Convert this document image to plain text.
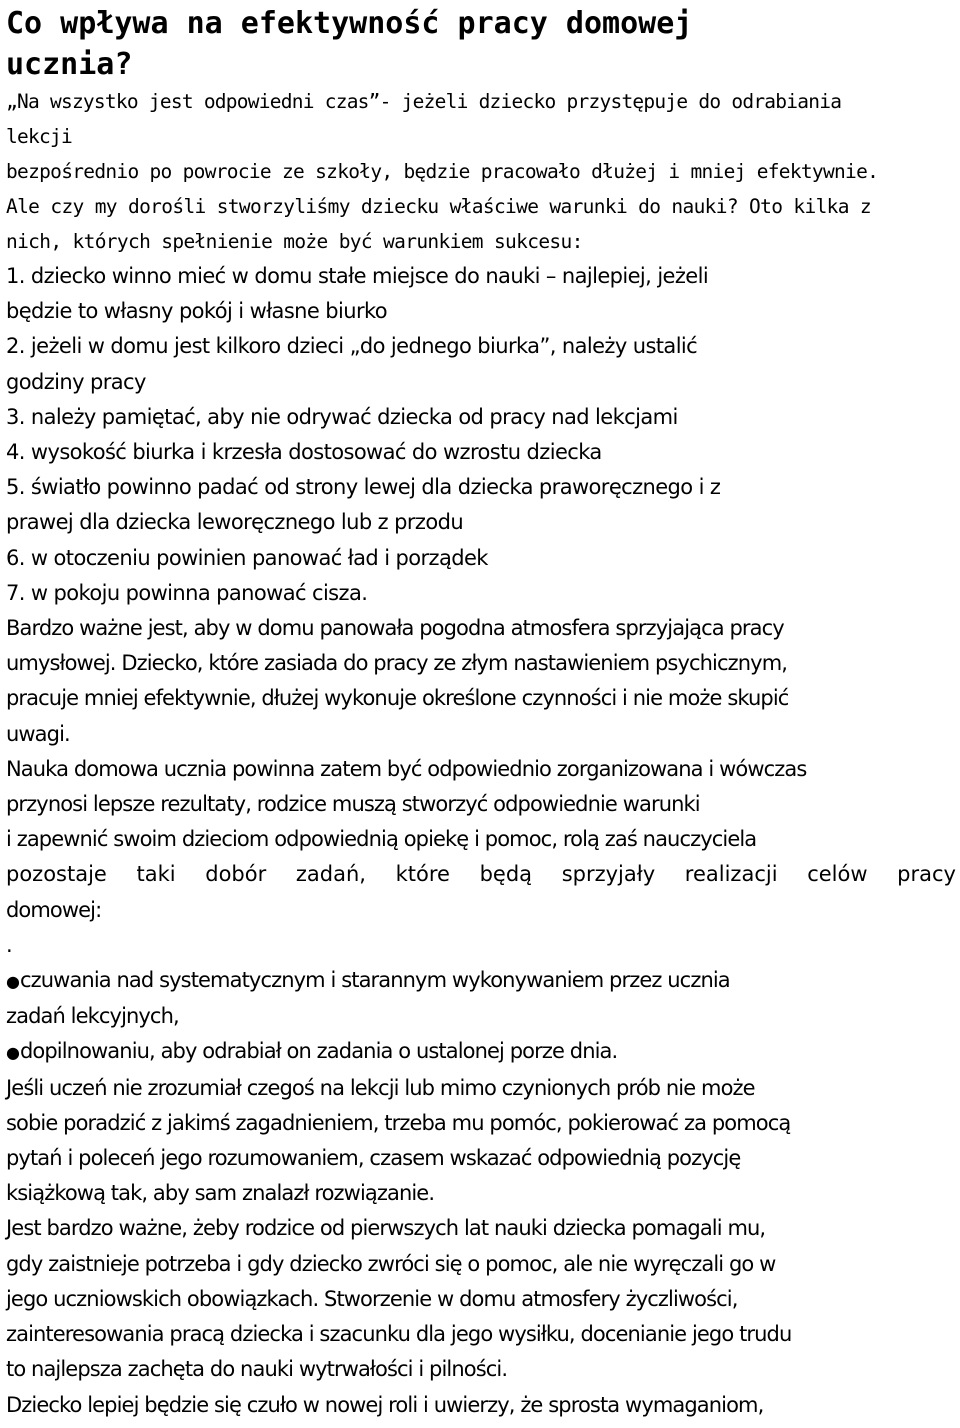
Co wpływa na efektywność pracy domowej
ucznia?
„Na wszystko jest odpowiedni czas”- jeżeli dziecko przystępuje do odrabiania
lekcji
bezpośrednio po powrocie ze szkoły, będzie pracowało dłużej i mniej efektywnie.
Ale czy my dorośli stworzyliśmy dziecku właściwe warunki do nauki? Oto kilka z
nich, których spełnienie może być warunkiem sukcesu:
1. dziecko winno mieć w domu stałe miejsce do nauki – najlepiej, jeżeli
będzie to własny pokój i własne biurko
2. jeżeli w domu jest kilkoro dzieci „do jednego biurka”, należy ustalić
godziny pracy
3. należy pamiętać, aby nie odrywać dziecka od pracy nad lekcjami
4. wysokość biurka i krzesła dostosować do wzrostu dziecka
5. światło powinno padać od strony lewej dla dziecka praworęcznego i z
prawej dla dziecka leworęcznego lub z przodu
6. w otoczeniu powinien panować ład i porządek
7. w pokoju powinna panować cisza.
Bardzo ważne jest, aby w domu panowała pogodna atmosfera sprzyjająca pracy
umysłowej. Dziecko, które zasiada do pracy ze złym nastawieniem psychicznym,
pracuje mniej efektywnie, dłużej wykonuje określone czynności i nie może skupić
uwagi.
Nauka domowa ucznia powinna zatem być odpowiednio zorganizowana i wówczas
przynosi lepsze rezultaty, rodzice muszą stworzyć odpowiednie warunki
i zapewnić swoim dzieciom odpowiednią opiekę i pomoc, rolą zaś nauczyciela
pozostaje taki dobór zadań, które będą sprzyjały realizacji celów pracy
domowej:
.
● czuwania nad systematycznym i starannym wykonywaniem przez ucznia
zadań lekcyjnych,
● dopilnowaniu, aby odrabiał on zadania o ustalonej porze dnia.
Jeśli uczeń nie zrozumiał czegoś na lekcji lub mimo czynionych prób nie może
sobie poradzić z jakimś zagadnieniem, trzeba mu pomóc, pokierować za pomocą
pytań i poleceń jego rozumowaniem, czasem wskazać odpowiednią pozycję
książkową tak, aby sam znalazł rozwiązanie.
Jest bardzo ważne, żeby rodzice od pierwszych lat nauki dziecka pomagali mu,
gdy zaistnieje potrzeba i gdy dziecko zwróci się o pomoc, ale nie wyręczali go w
jego uczniowskich obowiązkach. Stworzenie w domu atmosfery życzliwości,
zainteresowania pracą dziecka i szacunku dla jego wysiłku, docenianie jego trudu
to najlepsza zachęta do nauki wytrwałości i pilności.
Dziecko lepiej będzie się czuło w nowej roli i uwierzy, że sprosta wymaganiom,
